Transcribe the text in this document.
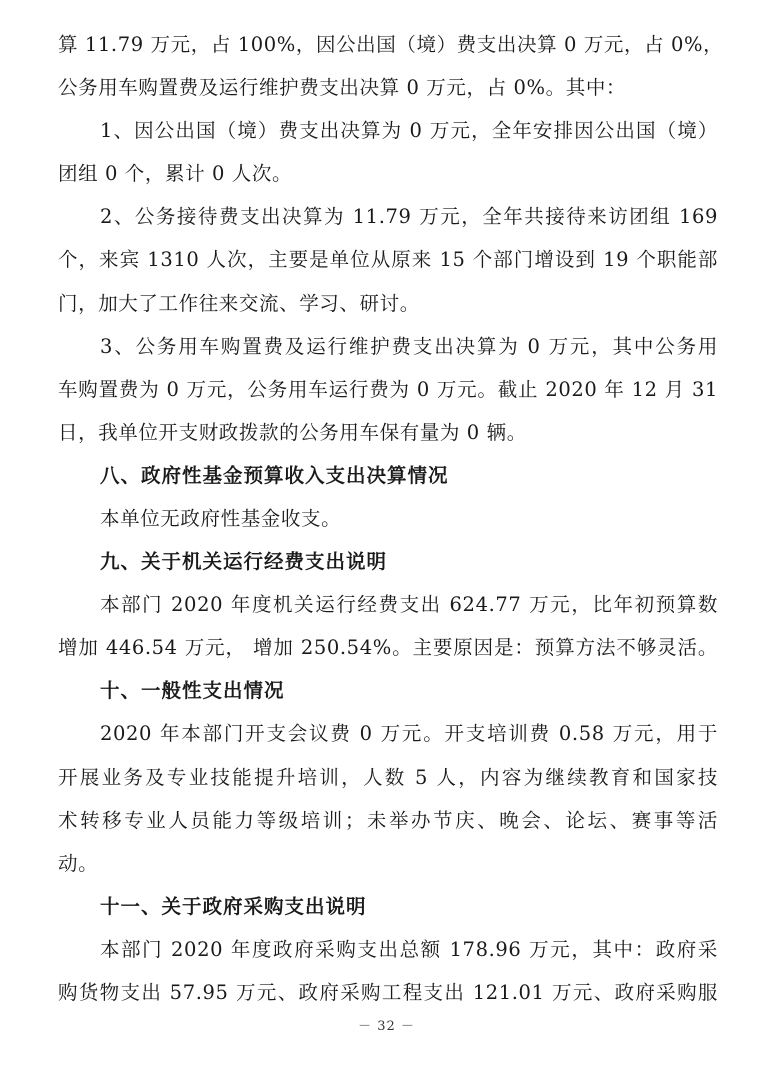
算 11.79 万元，占 100%，因公出国（境）费支出决算 0 万元，占 0%，
公务用车购置费及运行维护费支出决算 0 万元，占 0%。其中：
1、因公出国（境）费支出决算为 0 万元，全年安排因公出国（境）
团组 0 个，累计 0 人次。
2、公务接待费支出决算为 11.79 万元，全年共接待来访团组 169
个，来宾 1310 人次，主要是单位从原来 15 个部门增设到 19 个职能部
门，加大了工作往来交流、学习、研讨。
3、公务用车购置费及运行维护费支出决算为 0 万元，其中公务用
车购置费为 0 万元，公务用车运行费为 0 万元。截止 2020 年 12 月 31
日，我单位开支财政拨款的公务用车保有量为 0 辆。
八、政府性基金预算收入支出决算情况
本单位无政府性基金收支。
九、关于机关运行经费支出说明
本部门 2020 年度机关运行经费支出 624.77 万元，比年初预算数
增加 446.54 万元， 增加 250.54%。主要原因是：预算方法不够灵活。
十、一般性支出情况
2020 年本部门开支会议费 0 万元。开支培训费 0.58 万元，用于
开展业务及专业技能提升培训，人数 5 人，内容为继续教育和国家技
术转移专业人员能力等级培训；未举办节庆、晚会、论坛、赛事等活
动。
十一、关于政府采购支出说明
本部门 2020 年度政府采购支出总额 178.96 万元，其中：政府采
购货物支出 57.95 万元、政府采购工程支出 121.01 万元、政府采购服
－ 32 －
